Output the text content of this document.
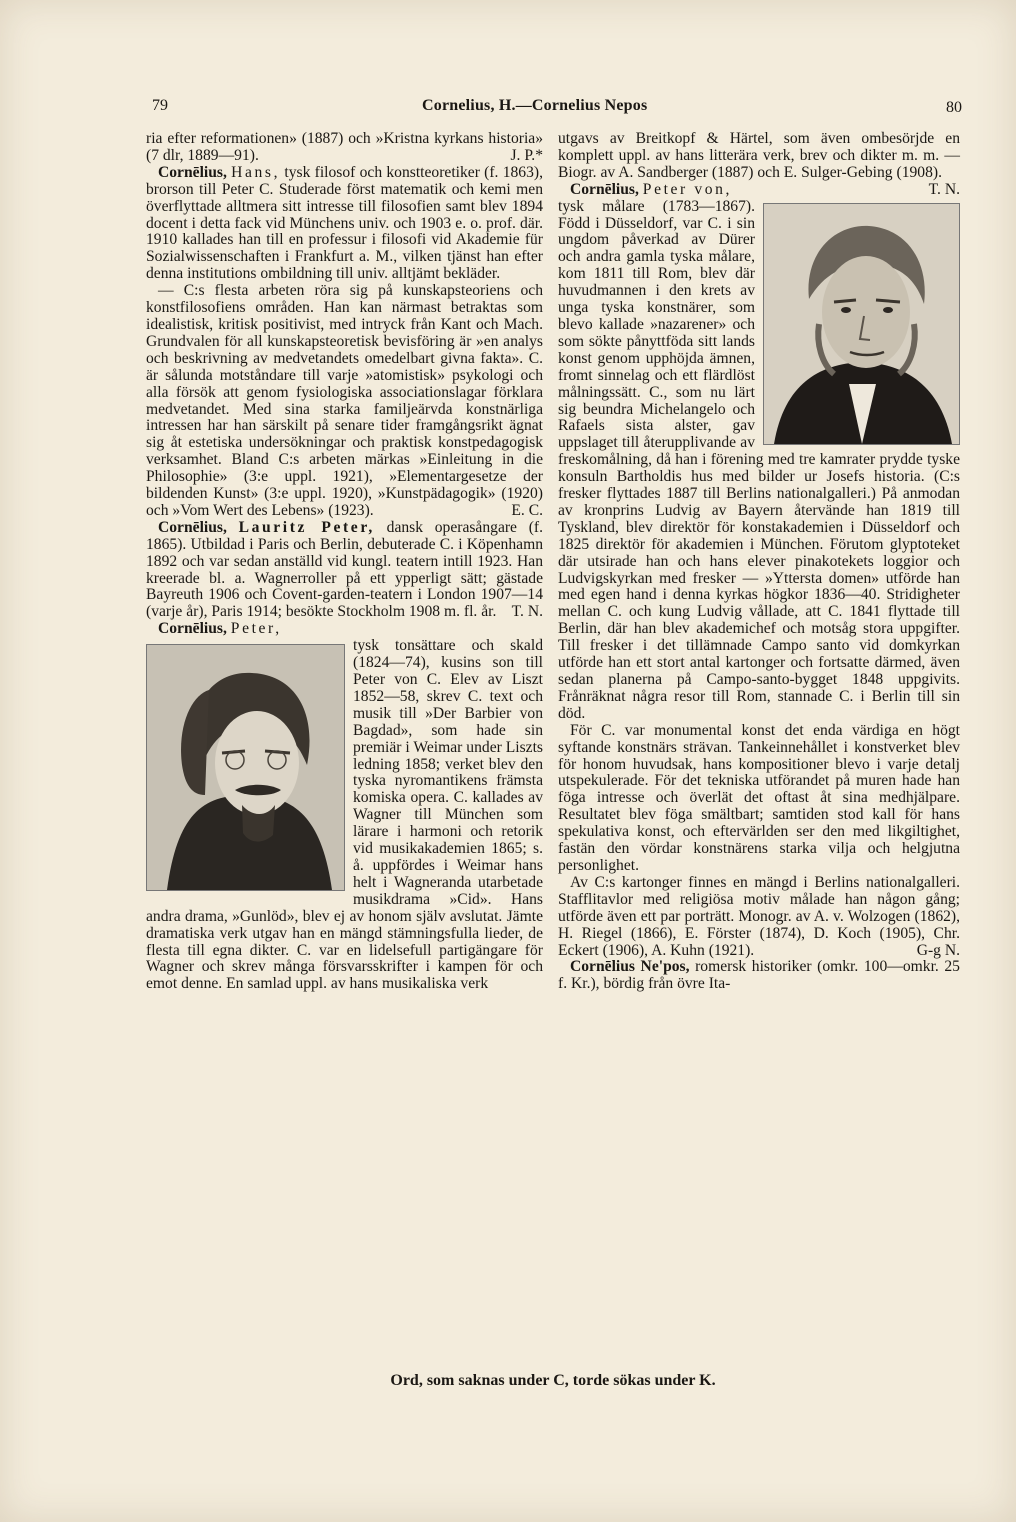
79	Cornelius, H.—Cornelius Nepos	80

ria efter reformationen» (1887) och »Kristna kyrkans historia» (7 dlr, 1889—91).	J. P.*

Cornēlius, Hans, tysk filosof och konstteoretiker (f. 1863), brorson till Peter C. Studerade först matematik och kemi men överflyttade alltmera sitt intresse till filosofien samt blev 1894 docent i detta fack vid Münchens univ. och 1903 e. o. prof. där. 1910 kallades han till en professur i filosofi vid Akademie für Sozialwissenschaften i Frankfurt a. M., vilken tjänst han efter denna institutions ombildning till univ. alltjämt bekläder.

— C:s flesta arbeten röra sig på kunskapsteoriens och konstfilosofiens områden. Han kan närmast betraktas som idealistisk, kritisk positivist, med intryck från Kant och Mach. Grundvalen för all kunskapsteoretisk bevisföring är »en analys och beskrivning av medvetandets omedelbart givna fakta». C. är sålunda motståndare till varje »atomistisk» psykologi och alla försök att genom fysiologiska associationslagar förklara medvetandet. Med sina starka familjeärvda konstnärliga intressen har han särskilt på senare tider framgångsrikt ägnat sig åt estetiska undersökningar och praktisk konstpedagogisk verksamhet. Bland C:s arbeten märkas »Einleitung in die Philosophie» (3:e uppl. 1921), »Elementargesetze der bildenden Kunst» (3:e uppl. 1920), »Kunstpädagogik» (1920) och »Vom Wert des Lebens» (1923).	E. C.

Cornēlius, Lauritz Peter, dansk operasångare (f. 1865). Utbildad i Paris och Berlin, debuterade C. i Köpenhamn 1892 och var sedan anställd vid kungl. teatern intill 1923. Han kreerade bl. a. Wagnerroller på ett ypperligt sätt; gästade Bayreuth 1906 och Covent-garden-teatern i London 1907—14 (varje år), Paris 1914; besökte Stockholm 1908 m. fl. år. T. N.

Cornēlius, Peter,

tysk tonsättare och skald (1824—74), kusins son till Peter von C. Elev av Liszt 1852—58, skrev C. text och musik till »Der Barbier von Bagdad», som hade sin premiär i Weimar under Liszts ledning 1858; verket blev den tyska nyromantikens främsta komiska opera. C. kallades av Wagner till München som lärare i harmoni och retorik vid musikakademien 1865; s. å. uppfördes i Weimar hans helt i Wagneranda utarbetade musikdrama »Cid». Hans andra drama, »Gunlöd», blev ej av honom själv avslutat. Jämte dramatiska verk utgav han en mängd stämningsfulla lieder, de flesta till egna dikter. C. var en lidelsefull partigängare för Wagner och skrev många försvarsskrifter i kampen för och emot denne. En samlad uppl. av hans musikaliska verk

utgavs av Breitkopf & Härtel, som även ombesörjde en komplett uppl. av hans litterära verk, brev och dikter m. m. — Biogr. av A. Sandberger (1887) och E. Sulger-Gebing (1908).
T. N.

Cornēlius, Peter von,

tysk målare (1783—1867). Född i Düsseldorf, var C. i sin ungdom påverkad av Dürer och andra gamla tyska målare, kom 1811 till Rom, blev där huvudmannen i den krets av unga tyska konstnärer, som blevo kallade »nazarener» och som sökte pånyttföda sitt lands konst genom upphöjda ämnen, fromt sinnelag och ett flärdlöst målningssätt. C., som nu lärt sig beundra Michelangelo och Rafaels sista alster, gav uppslaget till återupplivande av freskomålning, då han i förening med tre kamrater prydde tyske konsuln Bartholdis hus med bilder ur Josefs historia. (C:s fresker flyttades 1887 till Berlins nationalgalleri.) På anmodan av kronprins Ludvig av Bayern återvände han 1819 till Tyskland, blev direktör för konstakademien i Düsseldorf och 1825 direktör för akademien i München. Förutom glyptoteket där utsirade han och hans elever pinakotekets loggior och Ludvigskyrkan med fresker — »Yttersta domen» utförde han med egen hand i denna kyrkas högkor 1836—40. Stridigheter mellan C. och kung Ludvig vållade, att C. 1841 flyttade till Berlin, där han blev akademichef och motsåg stora uppgifter. Till fresker i det tillämnade Campo santo vid domkyrkan utförde han ett stort antal kartonger och fortsatte därmed, även sedan planerna på Campo-santo-bygget 1848 uppgivits. Frånräknat några resor till Rom, stannade C. i Berlin till sin död.

För C. var monumental konst det enda värdiga en högt syftande konstnärs strävan. Tankeinnehållet i konstverket blev för honom huvudsak, hans kompositioner blevo i varje detalj utspekulerade. För det tekniska utförandet på muren hade han föga intresse och överlät det oftast åt sina medhjälpare. Resultatet blev föga smältbart; samtiden stod kall för hans spekulativa konst, och eftervärlden ser den med likgiltighet, fastän den vördar konstnärens starka vilja och helgjutna personlighet.

Av C:s kartonger finnes en mängd i Berlins nationalgalleri. Stafflitavlor med religiösa motiv målade han någon gång; utförde även ett par porträtt. Monogr. av A. v. Wolzogen (1862), H. Riegel (1866), E. Förster (1874), D. Koch (1905), Chr. Eckert (1906), A. Kuhn (1921).	G-g N.

Cornēlius Ne'pos, romersk historiker (omkr. 100—omkr. 25 f. Kr.), bördig från övre Ita-

Ord, som saknas under C, torde sökas under K.
